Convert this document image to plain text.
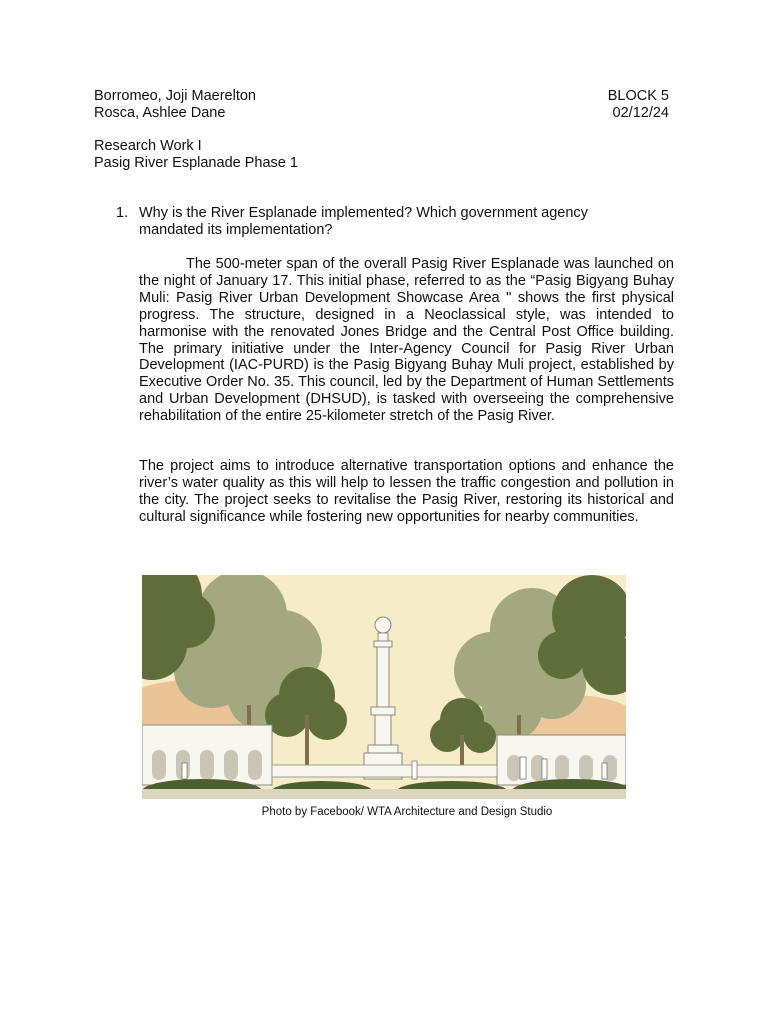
Borromeo, Joji Maerelton	BLOCK 5
Rosca, Ashlee Dane	02/12/24
Research Work I
Pasig River Esplanade Phase 1
1. Why is the River Esplanade implemented? Which government agency mandated its implementation?
The 500-meter span of the overall Pasig River Esplanade was launched on the night of January 17. This initial phase, referred to as the “Pasig Bigyang Buhay Muli: Pasig River Urban Development Showcase Area '' shows the first physical progress. The structure, designed in a Neoclassical style, was intended to harmonise with the renovated Jones Bridge and the Central Post Office building. The primary initiative under the Inter-Agency Council for Pasig River Urban Development (IAC-PURD) is the Pasig Bigyang Buhay Muli project, established by Executive Order No. 35. This council, led by the Department of Human Settlements and Urban Development (DHSUD), is tasked with overseeing the comprehensive rehabilitation of the entire 25-kilometer stretch of the Pasig River.
The project aims to introduce alternative transportation options and enhance the river’s water quality as this will help to lessen the traffic congestion and pollution in the city. The project seeks to revitalise the Pasig River, restoring its historical and cultural significance while fostering new opportunities for nearby communities.
Photo by Facebook/ WTA Architecture and Design Studio
